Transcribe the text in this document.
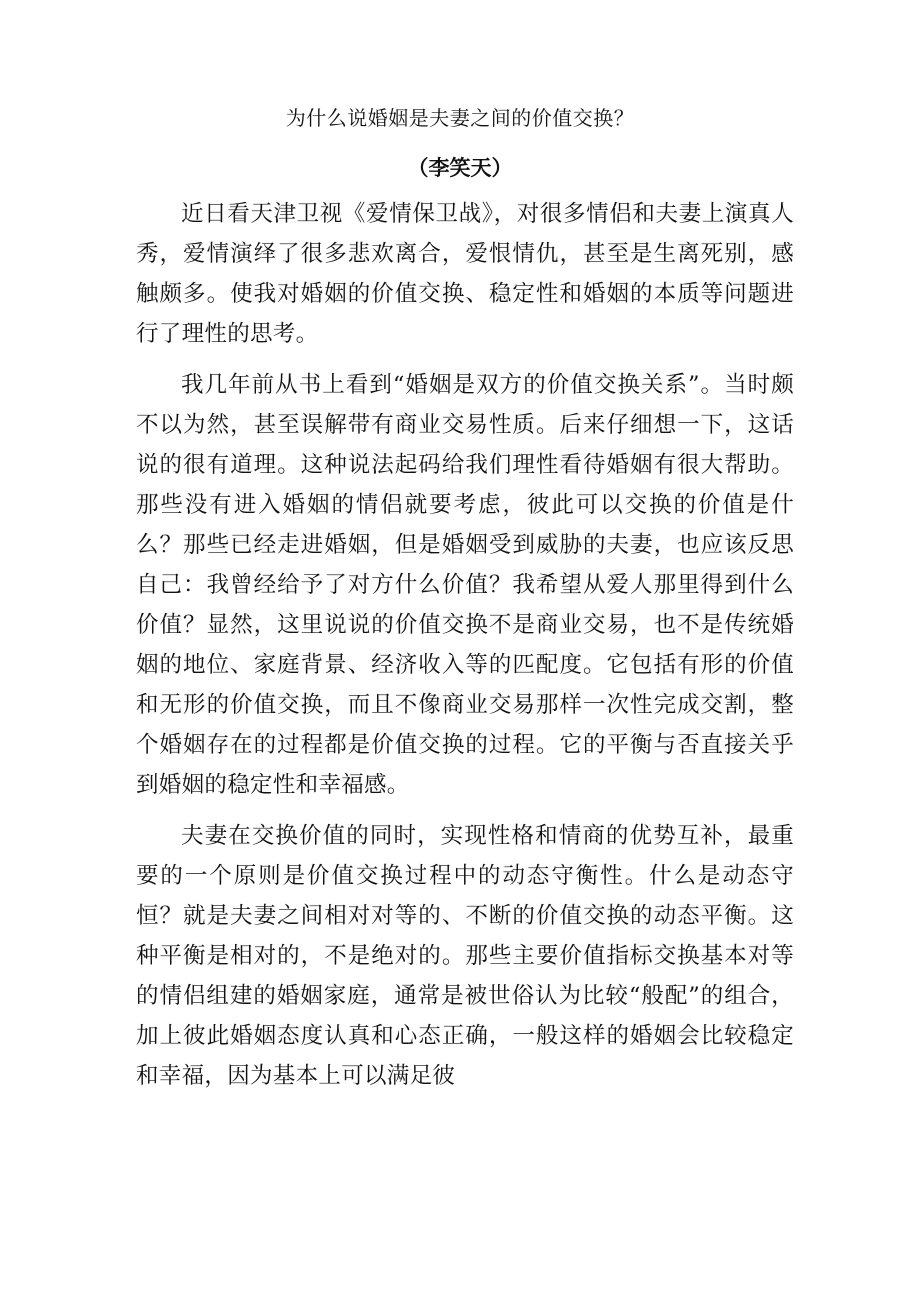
为什么说婚姻是夫妻之间的价值交换？
（李笑天）

近日看天津卫视《爱情保卫战》，对很多情侣和夫妻上演真人秀，爱情演绎了很多悲欢离合，爱恨情仇，甚至是生离死别，感触颇多。使我对婚姻的价值交换、稳定性和婚姻的本质等问题进行了理性的思考。

我几年前从书上看到“婚姻是双方的价值交换关系”。当时颇不以为然，甚至误解带有商业交易性质。后来仔细想一下，这话说的很有道理。这种说法起码给我们理性看待婚姻有很大帮助。那些没有进入婚姻的情侣就要考虑，彼此可以交换的价值是什么？那些已经走进婚姻，但是婚姻受到威胁的夫妻，也应该反思自己：我曾经给予了对方什么价值？我希望从爱人那里得到什么价值？显然，这里说说的价值交换不是商业交易，也不是传统婚姻的地位、家庭背景、经济收入等的匹配度。它包括有形的价值和无形的价值交换，而且不像商业交易那样一次性完成交割，整个婚姻存在的过程都是价值交换的过程。它的平衡与否直接关乎到婚姻的稳定性和幸福感。

夫妻在交换价值的同时，实现性格和情商的优势互补，最重要的一个原则是价值交换过程中的动态守衡性。什么是动态守恒？就是夫妻之间相对对等的、不断的价值交换的动态平衡。这种平衡是相对的，不是绝对的。那些主要价值指标交换基本对等的情侣组建的婚姻家庭，通常是被世俗认为比较“般配”的组合，加上彼此婚姻态度认真和心态正确，一般这样的婚姻会比较稳定和幸福，因为基本上可以满足彼
